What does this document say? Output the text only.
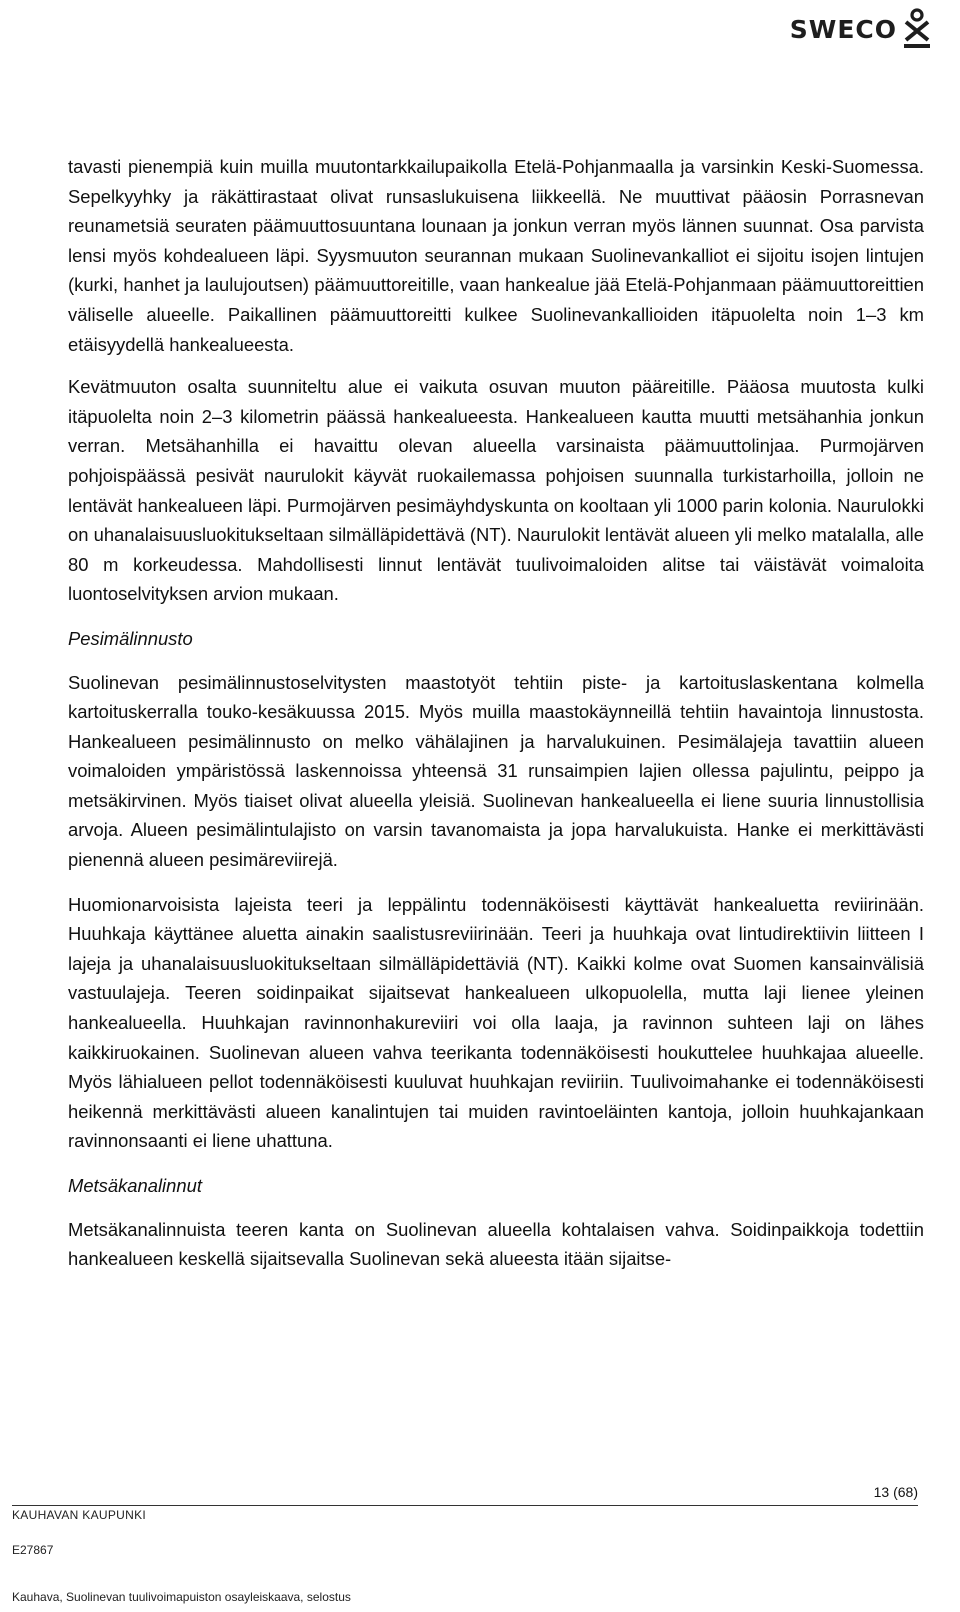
SWECO

tavasti pienempiä kuin muilla muutontarkkailupaikolla Etelä-Pohjanmaalla ja varsinkin Keski-Suomessa. Sepelkyyhky ja räkättirastaat olivat runsaslukuisena liikkeellä. Ne muuttivat pääosin Porrasnevan reunametsiä seuraten päämuuttosuuntana lounaan ja jonkun verran myös lännen suunnat. Osa parvista lensi myös kohdealueen läpi. Syysmuuton seurannan mukaan Suolinevankalliot ei sijoitu isojen lintujen (kurki, hanhet ja laulujoutsen) päämuuttoreitille, vaan hankealue jää Etelä-Pohjanmaan päämuuttoreittien väliselle alueelle. Paikallinen päämuuttoreitti kulkee Suolinevankallioiden itäpuolelta noin 1–3 km etäisyydellä hankealueesta.

Kevätmuuton osalta suunniteltu alue ei vaikuta osuvan muuton pääreitille. Pääosa muutosta kulki itäpuolelta noin 2–3 kilometrin päässä hankealueesta. Hankealueen kautta muutti metsähanhia jonkun verran. Metsähanhilla ei havaittu olevan alueella varsinaista päämuuttolinjaa. Purmojärven pohjoispäässä pesivät naurulokit käyvät ruokailemassa pohjoisen suunnalla turkistarhoilla, jolloin ne lentävät hankealueen läpi. Purmojärven pesimäyhdyskunta on kooltaan yli 1000 parin kolonia. Naurulokki on uhanalaisuusluokitukseltaan silmälläpidettävä (NT). Naurulokit lentävät alueen yli melko matalalla, alle 80 m korkeudessa. Mahdollisesti linnut lentävät tuulivoimaloiden alitse tai väistävät voimaloita luontoselvityksen arvion mukaan.

Pesimälinnusto

Suolinevan pesimälinnustoselvitysten maastotyöt tehtiin piste- ja kartoituslaskentana kolmella kartoituskerralla touko-kesäkuussa 2015. Myös muilla maastokäynneillä tehtiin havaintoja linnustosta. Hankealueen pesimälinnusto on melko vähälajinen ja harvalukuinen. Pesimälajeja tavattiin alueen voimaloiden ympäristössä laskennoissa yhteensä 31 runsaimpien lajien ollessa pajulintu, peippo ja metsäkirvinen. Myös tiaiset olivat alueella yleisiä. Suolinevan hankealueella ei liene suuria linnustollisia arvoja. Alueen pesimälintulajisto on varsin tavanomaista ja jopa harvalukuista. Hanke ei merkittävästi pienennä alueen pesimäreviirejä.

Huomionarvoisista lajeista teeri ja leppälintu todennäköisesti käyttävät hankealuetta reviirinään. Huuhkaja käyttänee aluetta ainakin saalistusreviirinään. Teeri ja huuhkaja ovat lintudirektiivin liitteen I lajeja ja uhanalaisuusluokitukseltaan silmälläpidettäviä (NT). Kaikki kolme ovat Suomen kansainvälisiä vastuulajeja. Teeren soidinpaikat sijaitsevat hankealueen ulkopuolella, mutta laji lienee yleinen hankealueella. Huuhkajan ravinnonhakureviiri voi olla laaja, ja ravinnon suhteen laji on lähes kaikkiruokainen. Suolinevan alueen vahva teerikanta todennäköisesti houkuttelee huuhkajaa alueelle. Myös lähialueen pellot todennäköisesti kuuluvat huuhkajan reviiriin. Tuulivoimahanke ei todennäköisesti heikennä merkittävästi alueen kanalintujen tai muiden ravintoeläinten kantoja, jolloin huuhkajankaan ravinnonsaanti ei liene uhattuna.

Metsäkanalinnut

Metsäkanalinnuista teeren kanta on Suolinevan alueella kohtalaisen vahva. Soidinpaikkoja todettiin hankealueen keskellä sijaitsevalla Suolinevan sekä alueesta itään sijaitse-

13 (68)
KAUHAVAN KAUPUNKI
E27867
Kauhava, Suolinevan tuulivoimapuiston osayleiskaava, selostus
